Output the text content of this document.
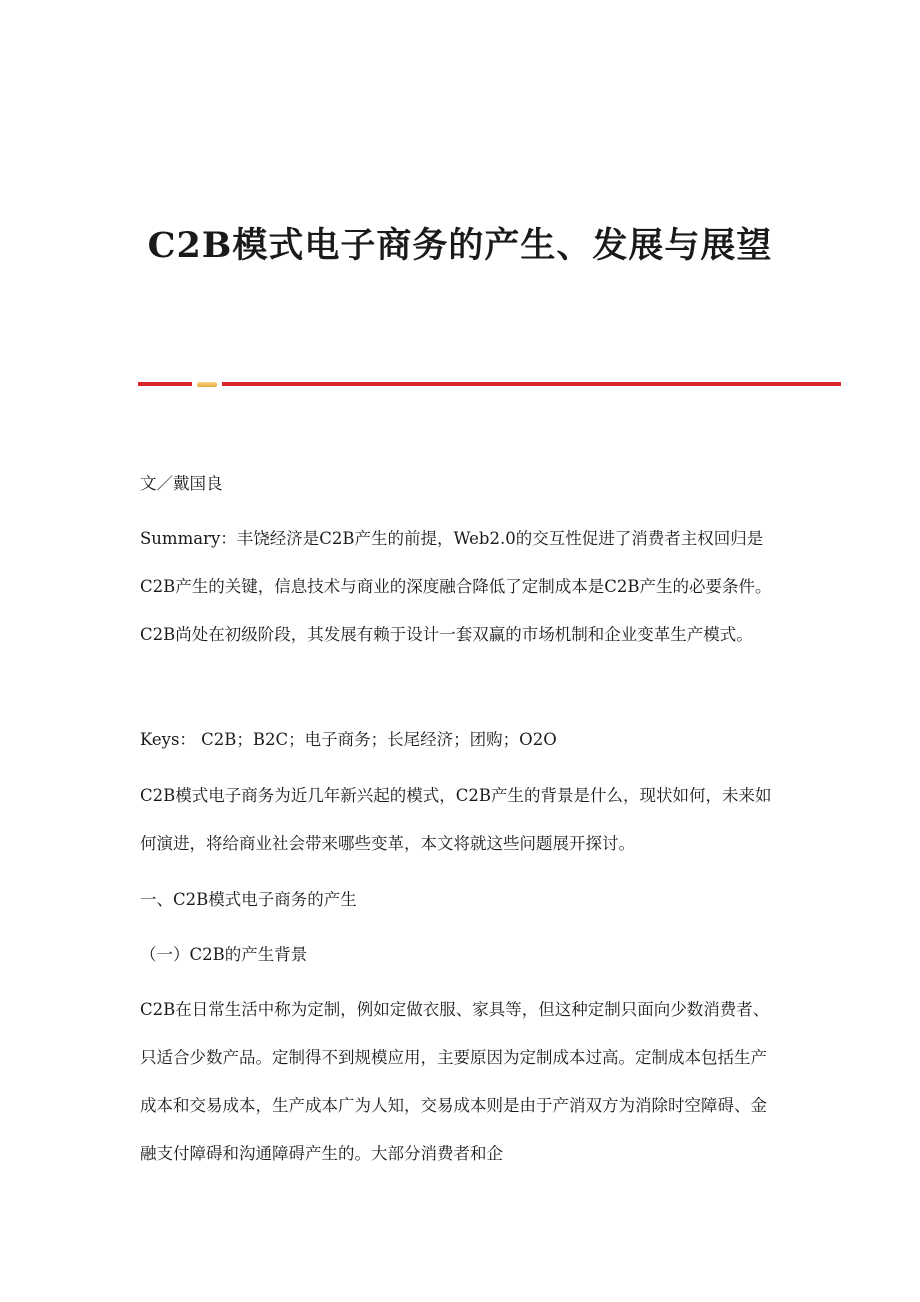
C2B模式电子商务的产生、发展与展望

文／戴国良

Summary：丰饶经济是C2B产生的前提，Web2.0的交互性促进了消费者主权回归是C2B产生的关键，信息技术与商业的深度融合降低了定制成本是C2B产生的必要条件。C2B尚处在初级阶段，其发展有赖于设计一套双赢的市场机制和企业变革生产模式。

Keys： C2B；B2C；电子商务；长尾经济；团购；O2O

C2B模式电子商务为近几年新兴起的模式，C2B产生的背景是什么，现状如何，未来如何演进，将给商业社会带来哪些变革，本文将就这些问题展开探讨。

一、C2B模式电子商务的产生

（一）C2B的产生背景

C2B在日常生活中称为定制，例如定做衣服、家具等，但这种定制只面向少数消费者、只适合少数产品。定制得不到规模应用，主要原因为定制成本过高。定制成本包括生产成本和交易成本，生产成本广为人知，交易成本则是由于产消双方为消除时空障碍、金融支付障碍和沟通障碍产生的。大部分消费者和企
